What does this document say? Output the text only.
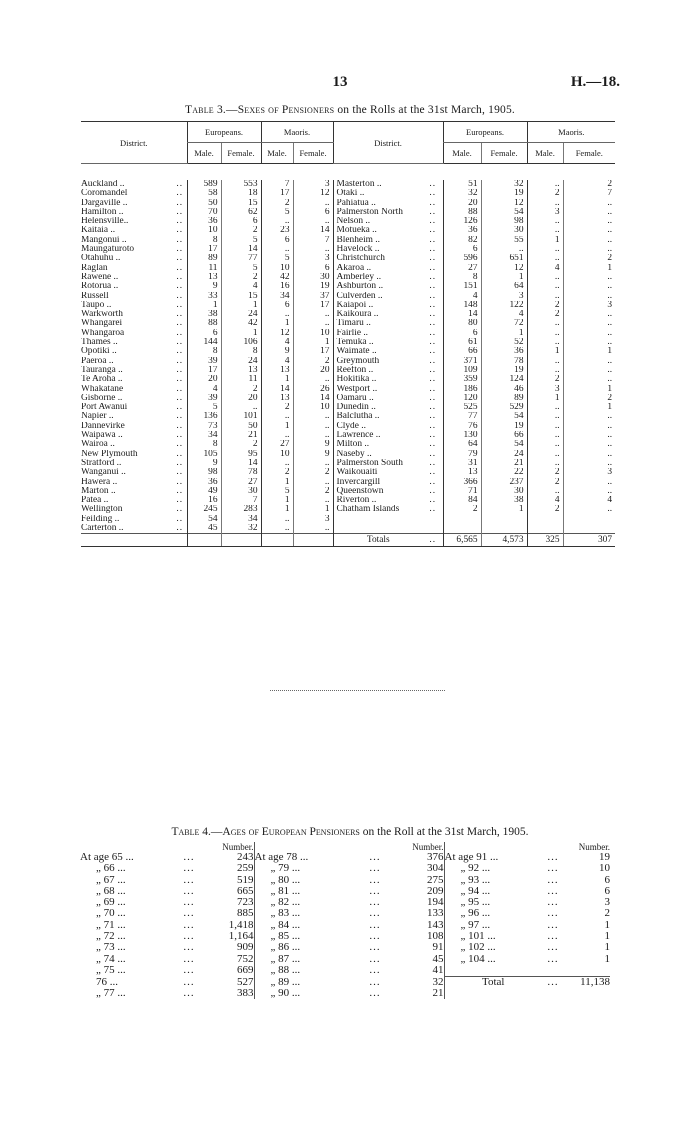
13	H.—18.
Table 3.—Sexes of Pensioners on the Rolls at the 31st March, 1905.
District.		Europeans.		Maoris.		District.		Europeans.		Maoris.	
		Male.	Female.	Male.	Female.			Male.	Female.	Male.	Female.

Auckland ..	..	589	553	7	3	Masterton ..	..	51	32	..	2
Coromandel	..	58	18	17	12	Otaki ..	..	32	19	2	7
Dargaville ..	..	50	15	2	..	Pahiatua ..	..	20	12	..	..
Hamilton ..	..	70	62	5	6	Palmerston North	..	88	54	3	..
Helensville..	..	36	6	..	..	Nelson ..	..	126	98	..	..
Kaitaia ..	..	10	2	23	14	Motueka ..	..	36	30	..	..
Mangonui ..	..	8	5	6	7	Blenheim ..	..	82	55	1	..
Maungaturoto	..	17	14	..	..	Havelock ..	..	6	..	..	..
Otahuhu ..	..	89	77	5	3	Christchurch	..	596	651	..	2
Raglan	..	11	5	10	6	Akaroa ..	..	27	12	4	1
Rawene ..	..	13	2	42	30	Amberley ..	..	8	1	..	..
Rotorua ..	..	9	4	16	19	Ashburton ..	..	151	64	..	..
Russell	..	33	15	34	37	Culverden ..	..	4	3	..	..
Taupo ..	..	1	1	6	17	Kaiapoi ..	..	148	122	2	3
Warkworth	..	38	24	..	..	Kaikoura ..	..	14	4	2	..
Whangarei	..	88	42	1	..	Timaru ..	..	80	72	..	..
Whangaroa	..	6	1	12	10	Fairlie ..	..	6	1	..	..
Thames ..	..	144	106	4	1	Temuka ..	..	61	52	..	..
Opotiki ..	..	8	8	9	17	Waimate ..	..	66	36	1	1
Paeroa ..	..	39	24	4	2	Greymouth	..	371	78	..	..
Tauranga ..	..	17	13	13	20	Reefton ..	..	109	19	..	..
Te Aroha ..	..	20	11	1	..	Hokitika ..	..	359	124	2	..
Whakatane	..	4	2	14	26	Westport ..	..	186	46	3	1
Gisborne ..	..	39	20	13	14	Oamaru ..	..	120	89	1	2
Port Awanui	..	5	..	2	10	Dunedin ..	..	525	529	..	1
Napier ..	..	136	101	..	..	Balclutha ..	..	77	54	..	..
Dannevirke	..	73	50	1	..	Clyde ..	..	76	19	..	..
Waipawa ..	..	34	21	..	..	Lawrence ..	..	130	66	..	..
Wairoa ..	..	8	2	27	9	Milton ..	..	64	54	..	..
New Plymouth	..	105	95	10	9	Naseby ..	..	79	24	..	..
Stratford ..	..	9	14	..	..	Palmerston South	..	31	21	..	..
Wanganui ..	..	98	78	2	2	Waikouaiti	..	13	22	2	3
Hawera ..	..	36	27	1	..	Invercargill	..	366	237	2	..
Marton ..	..	49	30	5	2	Queenstown	..	71	30	..	..
Patea ..	..	16	7	1	..	Riverton ..	..	84	38	4	4
Wellington	..	245	283	1	1	Chatham Islands	..	2	1	2	..
Feilding ..	..	54	34	..	3						
Carterton ..	..	45	32	..	..						
						Totals	..	6,565	4,573	325	307
Table 4.—Ages of European Pensioners on the Roll at the 31st March, 1905.
		Number.			Number.			Number.
At age 65 ...	...	243	At age 78 ...	...	376	At age 91 ...	...	19
„ 66 ...	...	259	„ 79 ...	...	304	„ 92 ...	...	10
„ 67 ...	...	519	„ 80 ...	...	275	„ 93 ...	...	6
„ 68 ...	...	665	„ 81 ...	...	209	„ 94 ...	...	6
„ 69 ...	...	723	„ 82 ...	...	194	„ 95 ...	...	3
„ 70 ...	...	885	„ 83 ...	...	133	„ 96 ...	...	2
„ 71 ...	...	1,418	„ 84 ...	...	143	„ 97 ...	...	1
„ 72 ...	...	1,164	„ 85 ...	...	108	„ 101 ...	...	1
„ 73 ...	...	909	„ 86 ...	...	91	„ 102 ...	...	1
„ 74 ...	...	752	„ 87 ...	...	45	„ 104 ...	...	1
„ 75 ...	...	669	„ 88 ...	...	41			
76 ...	...	527	„ 89 ...	...	32	Total	...	11,138
„ 77 ...	...	383	„ 90 ...	...	21			
